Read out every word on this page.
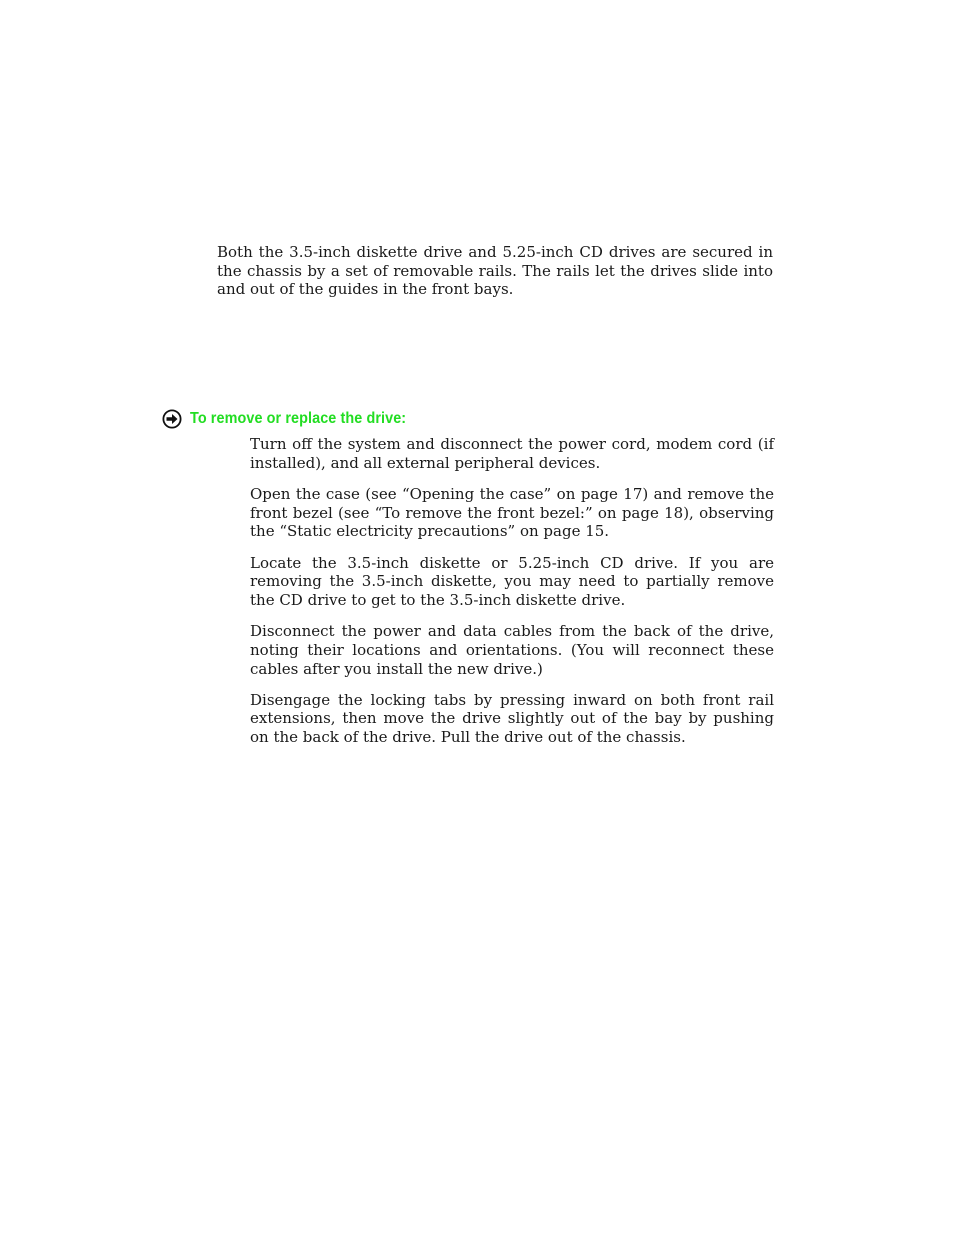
Both the 3.5-inch diskette drive and 5.25-inch CD drives are secured in the chassis by a set of removable rails. The rails let the drives slide into and out of the guides in the front bays.

To remove or replace the drive:
Turn off the system and disconnect the power cord, modem cord (if installed), and all external peripheral devices.
Open the case (see “Opening the case” on page 17) and remove the front bezel (see “To remove the front bezel:” on page 18), observing the “Static electricity precautions” on page 15.
Locate the 3.5-inch diskette or 5.25-inch CD drive. If you are removing the 3.5-inch diskette, you may need to partially remove the CD drive to get to the 3.5-inch diskette drive.
Disconnect the power and data cables from the back of the drive, noting their locations and orientations. (You will reconnect these cables after you install the new drive.)
Disengage the locking tabs by pressing inward on both front rail extensions, then move the drive slightly out of the bay by pushing on the back of the drive. Pull the drive out of the chassis.
